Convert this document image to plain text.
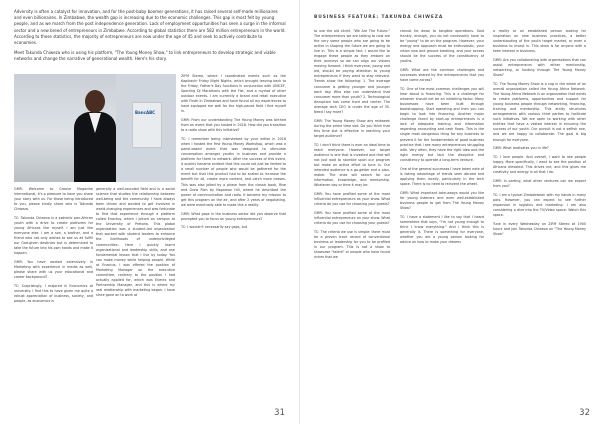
Adversity is often a catalyst for innovation, and for the post-baby boomer generations, it has raised several self-made millionaires and even billionaires. In Zimbabwe, the wealth gap is increasing due to the economic challenges. This gap is most felt by young people, and as we march from the post independence generation. Lack of employment opportunities has seen a surge in the informal sector and a new breed of entrepreneurs in Zimbabwe. According to global statistics there are 582 million entrepreneurs in the world. According to these statistics, the majority of entrepreneurs are now under the age of 45 and seek to actively contribute to economies.

Meet Takunda Chiweza who is using his platform, "The Young Money Show," to link entrepreneurs to develop strategic and viable networks and change the narrative of generational wealth. Here's his story.

BancABC

GMR: Welcome to Groove Magazine International, it's a pleasure to have you share your story with us. For those being introduced to you, please kindly share who is Takunda Chiweza.

TC: Takunda Chiweza is a patriotic pan-African youth with a drive to create platforms for young Africans like myself. I am just like everyone else. I am a son, a brother, and a friend who not only wishes to see us all fulfill our God-given destinies but is determined to take the future into his own hands and make it happen.

GMR: You have worked extensively in Marketing with experience in media as well, please share with us your educational and career background?

TC: Surprisingly, I majored in Economics at university. I find this to have given me quite a robust appreciation of business, society, and people, as economics is

generally a well-rounded field and is a social science that studies the relationship between well-being and the community. I have always been driven and wanted to get involved in world-changing experiences and was fortunate to find that experience through a platform called Enactus, which I joined on campus at the University of Pretoria. This global organization was a student-led organization that worked with student leaders to enhance the livelihoods of underprivileged communities. Here I quickly learnt organizational and leadership skills, and one fundamental lesson that I live by today. You can make money while helping people. While at Enactus, I was offered the position of Marketing Manager on the executive committee, contrary to the position I had actually applied for, which was Events and Partnership Manager, and this is where my real relationship with marketing began. I have since gone on to work at

ZiFM Stereo, where I coordinated events such as the Kapikaviri Friday Night Nights, which brought leaving back to the Friday, Father's Day functions in conjunction with UNICEF, Sporting DJ Marathons with the Fist, and a myriad of other outdoor events. I am currently a brand and retail executive with Firsth in Zimbabwe and have found all my experiences to have equipped me well for the high-paced field I find myself in.

GMR: From our understanding The Young Money was birthed from an event that you hosted in 2018. How did you transition to a radio show with this initiative?

TC: I remember being interviewed by your editor in 2018 when I hosted the first Young Money Workshop, which was a panel-based event that was designed to stimulate conversation amongst youths in business and provide a platform for them to network. After the success of this event, it quickly became evident that this could not just be limited to a small number of people who would be gathered for the event but that this product had to be scaled to increase the benefit for all, create more content, and catch more ceases. This was also jolted by a phase from the classic book, Rise and Grow Rich by Napoleon Hill, where he described the power of communication and radio. It became my mission to get this program on the air, and after 2 years of negotiating, we were eventually able to make this a reality.

GMR: What gaps in the business sector did you observe that prompted you to focus on young entrepreneurs?

TC: I wouldn't necessarily say gaps, but

31
BUSINESS FEATURE: TAKUNDA CHIWEZA

to use the old cliché, "We Are The Future." The entrepreneurs we are talking to now are the very same people who are going to be active in shaping the future we are going to live in. This is a simple fact. I would like to engage these people as they embark on their journeys so we can align our visions moving forward. I think everyone, young and old, should be paying attention to young entrepreneurs if they want to stay relevant. Trends show the following: 1. The average consumer is getting younger and younger each day. Who else can understand that consumer more than youth? 2. Technological disruption has come front and center. The average tech CEO is under the age of 35. Need I say more?

GMR: The Young Money Show airs midweek during the prime time slot. Do you think that this time slot is effective in reaching your target audience?

TC: I don't think there is ever an ideal time to reach everyone. However, our target audience is one that is invested and that will not just wait to stumble upon our program but make an active effort to tune in. Our intended audience is a go-getter and a plan-maker. The ones will search for our information, knowledge, and mentorship. Whatever day or time it may be.

GMR: You have profiled some of the most influential entrepreneurs as your show. What criteria do you use for choosing your guests?

GMR: You have profiled some of the most influential entrepreneurs on your show. What criteria do you use for choosing your guests?

TC: The criteria we use is simple: there must be a proven track record of conventional business or leadership for you to be profiled in our program. This is not a show to showcase "talent" or people who have found riches that we

cannot tie down to tangible operations. Said frankly, enough, you do not necessarily have to be "young" to be on the program. However, your energy and approach must be enthusiastic, your vision new and ground breaking, and your access should be the success of the constituency of youths.

GMR: What are the common challenges and successes shared by the entrepreneurs that you have come across?

TC: One of the most common challenges you will hear about is financing. This is a challenge for whoever should not be an inhibiting factor. Many businesses have been built through bootstrapping. Start operating and then you can begin to look into financing. Another major challenge faced by start-up entrepreneurs is a lack of adequate training and information regarding accounting and cash flows. This is the single most dangerous thing for any business to prevent it for the fundamentals of good business practice that I see many entrepreneurs struggling with. Very often, they have the right idea and the right energy but lack the discipline and consistency to operate a long-term venture.

One of the general successes I have taken note of is taking advantage of trends seen abroad and applying them locally, particularly in the tech space. There is no need to reinvent the wheel.

GMR: What important take-aways would you like for young listeners and even well-established business people to get from The Young Money Show?

TC: I have a statement I like to say that I heard somewhere that says, "I'm not young enough to think I know everything." And I think this is generally it. There is something for everyone, whether you are a young person looking for advice on how to make your dreams

a reality or an established person looking for inspiration on new business practices, a better understanding of the youth target market, or even a business to invest in. This show is for anyone with a keen interest in business.

GMR: Are you collaborating with organisations that can assist entrepreneurs with either mentorship, networking, or funding through The Young Money Show?

TC: The Young Money Show is a cog in the wheel of an overall organization called the Young Africa Network. The Young Africa Network is an organization that exists to create platforms, opportunities and support for young business people through networking, financing, training and mentorship. This entity structures arrangements with various third parties to facilitate such initiatives. We are open to working with other entities that have a vested interest in ensuring the success of our youth. Our pursuit is not a selfish one, and we are happy to collaborate. The goal is big enough for everyone.

GMR: What motivates you in life?

TC: I love people. And overall, I want to see people happy. More specifically, I want to see the position of Africans elevated. This drives me, and this gives me creativity and energy in all that I do.

GMR: In parting, what other ventures can we expect from you?

TC: I am a typical Zimbabwean with my hands in many pots. However, you can expect to see further expansion in logistics and marketing. I am also considering a dive into the TV/Video space. Watch this space.

Tune in every Wednesday on ZiFM Stereo at 1900 hours and join Takunda Chiweza on "The Young Money Show"

32
